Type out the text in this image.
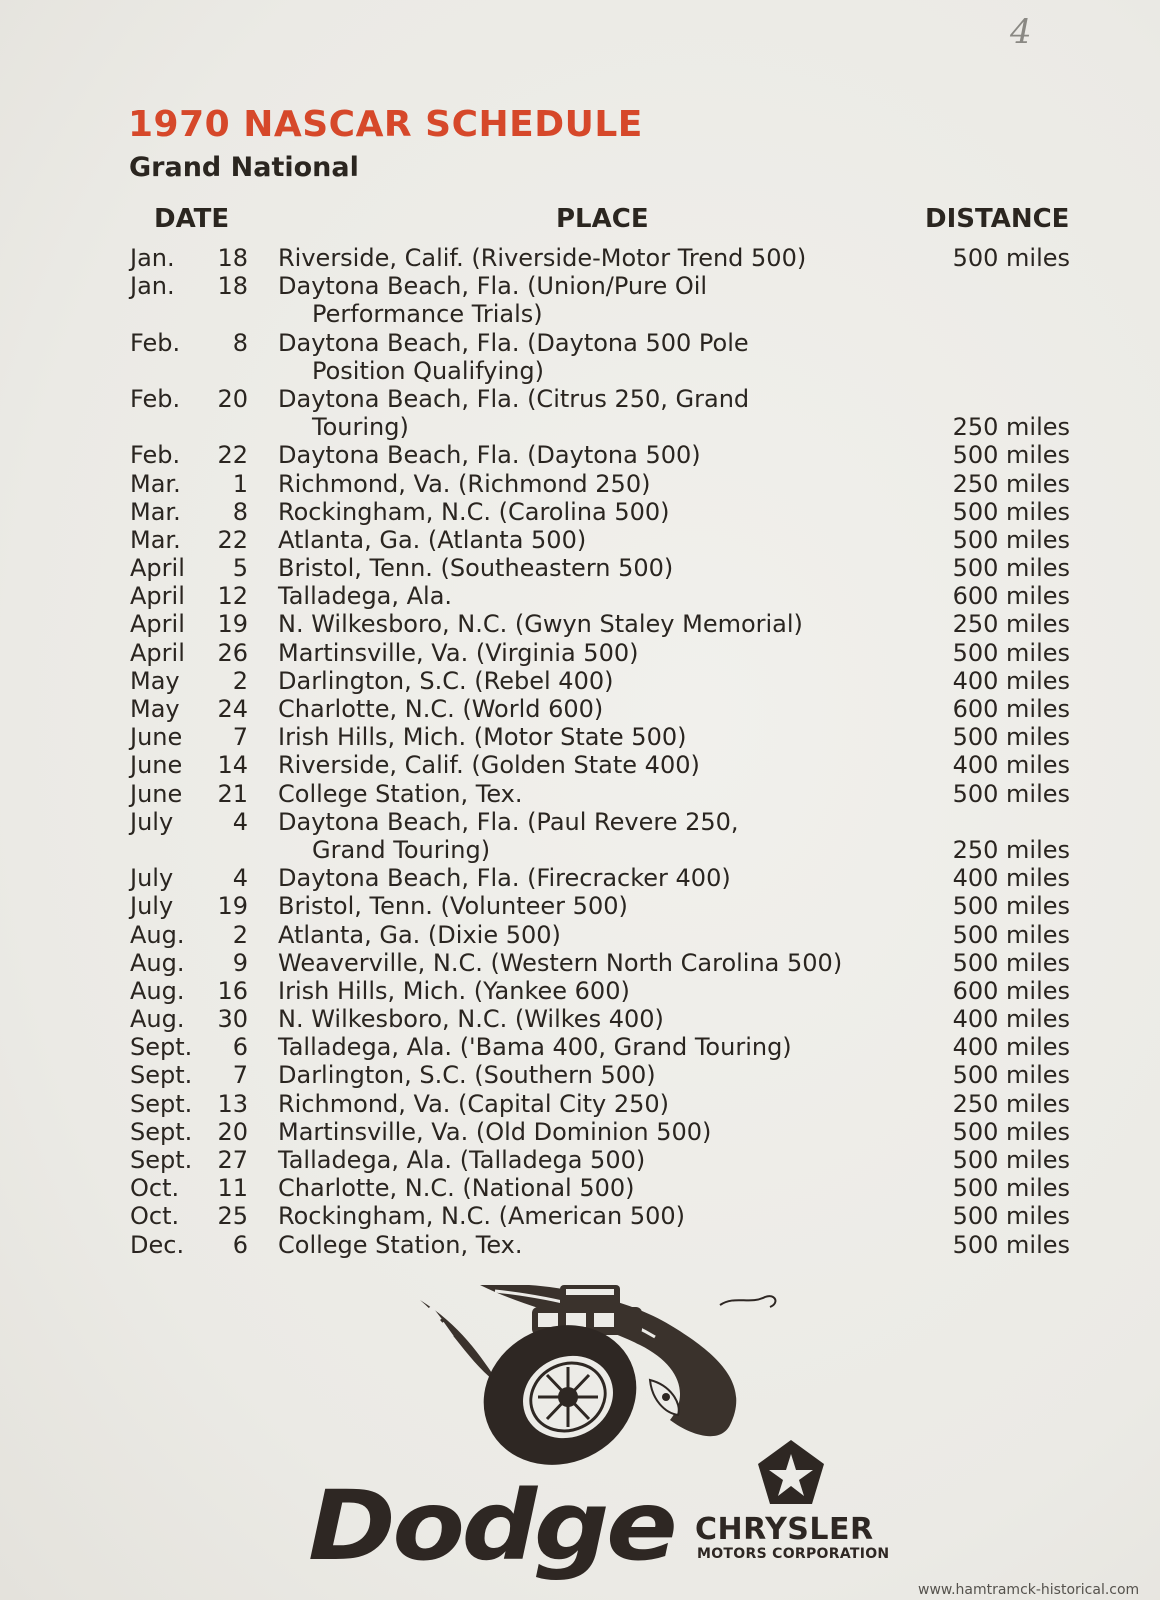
4
1970 NASCAR SCHEDULE
Grand National
DATE	PLACE	DISTANCE
Jan.	18 Riverside, Calif. (Riverside-Motor Trend 500)	500 miles
Jan.	18 Daytona Beach, Fla. (Union/Pure Oil
Performance Trials)
Feb.	8 Daytona Beach, Fla. (Daytona 500 Pole
Position Qualifying)
Feb.	20 Daytona Beach, Fla. (Citrus 250, Grand
Touring)	250 miles
Feb.	22 Daytona Beach, Fla. (Daytona 500)	500 miles
Mar.	1 Richmond, Va. (Richmond 250)	250 miles
Mar.	8 Rockingham, N.C. (Carolina 500)	500 miles
Mar.	22 Atlanta, Ga. (Atlanta 500)	500 miles
April	5 Bristol, Tenn. (Southeastern 500)	500 miles
April	12 Talladega, Ala.	600 miles
April	19 N. Wilkesboro, N.C. (Gwyn Staley Memorial)	250 miles
April	26 Martinsville, Va. (Virginia 500)	500 miles
May	2 Darlington, S.C. (Rebel 400)	400 miles
May	24 Charlotte, N.C. (World 600)	600 miles
June	7 Irish Hills, Mich. (Motor State 500)	500 miles
June	14 Riverside, Calif. (Golden State 400)	400 miles
June	21 College Station, Tex.	500 miles
July	4 Daytona Beach, Fla. (Paul Revere 250,
Grand Touring)	250 miles
July	4 Daytona Beach, Fla. (Firecracker 400)	400 miles
July	19 Bristol, Tenn. (Volunteer 500)	500 miles
Aug.	2 Atlanta, Ga. (Dixie 500)	500 miles
Aug.	9 Weaverville, N.C. (Western North Carolina 500)	500 miles
Aug.	16 Irish Hills, Mich. (Yankee 600)	600 miles
Aug.	30 N. Wilkesboro, N.C. (Wilkes 400)	400 miles
Sept.	6 Talladega, Ala. ('Bama 400, Grand Touring)	400 miles
Sept.	7 Darlington, S.C. (Southern 500)	500 miles
Sept.	13 Richmond, Va. (Capital City 250)	250 miles
Sept.	20 Martinsville, Va. (Old Dominion 500)	500 miles
Sept.	27 Talladega, Ala. (Talladega 500)	500 miles
Oct.	11 Charlotte, N.C. (National 500)	500 miles
Oct.	25 Rockingham, N.C. (American 500)	500 miles
Dec.	6 College Station, Tex.	500 miles
Dodge CHRYSLER
MOTORS CORPORATION
www.hamtramck-historical.com
